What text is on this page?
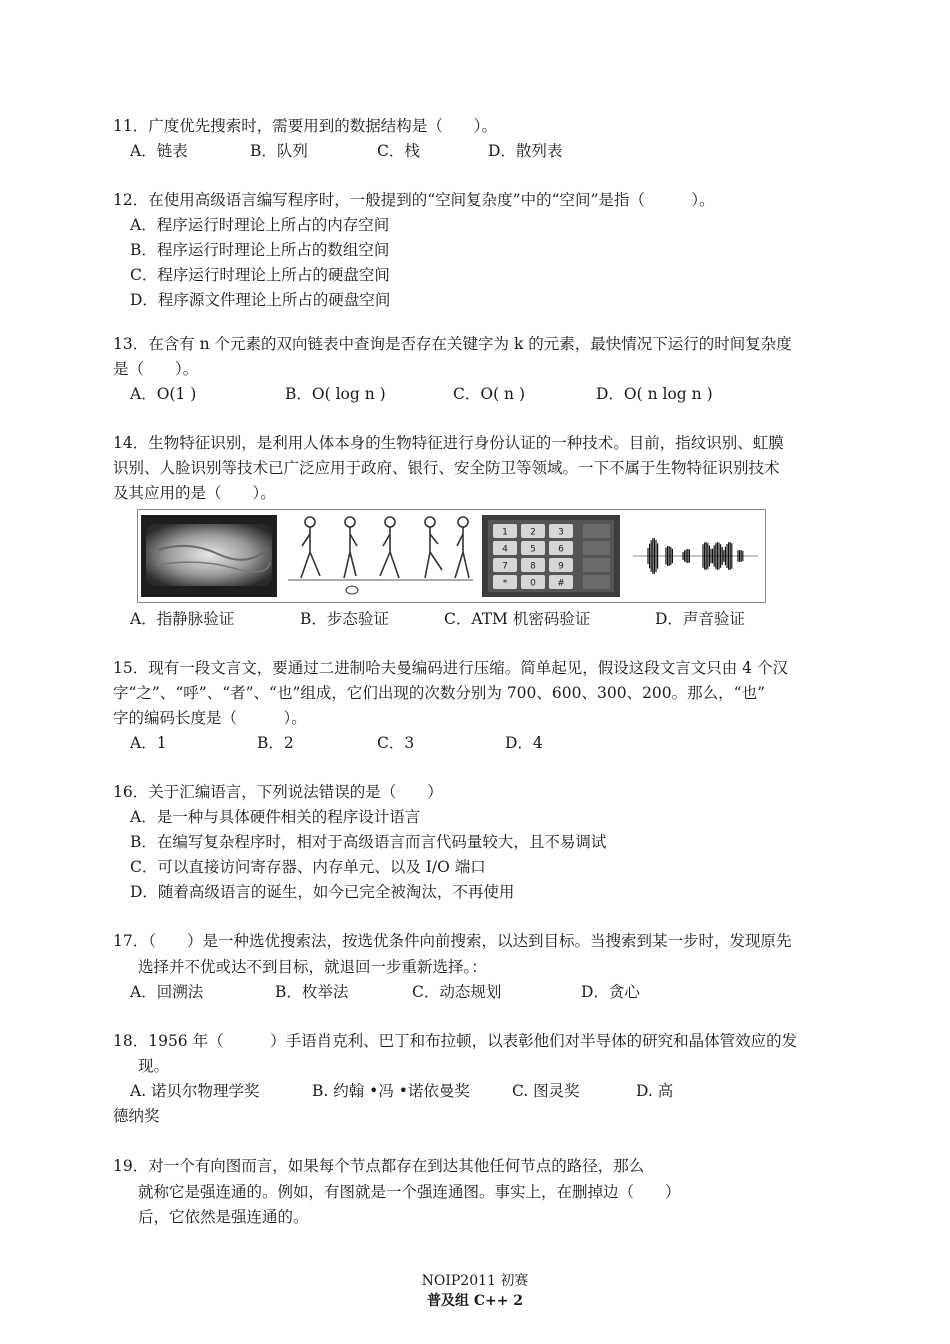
11．广度优先搜索时，需要用到的数据结构是（　　）。
A．链表	B．队列	C．栈	D．散列表
12．在使用高级语言编写程序时，一般提到的“空间复杂度”中的“空间”是指（　　　）。
A．程序运行时理论上所占的内存空间
B．程序运行时理论上所占的数组空间
C．程序运行时理论上所占的硬盘空间
D．程序源文件理论上所占的硬盘空间
13．在含有 n 个元素的双向链表中查询是否存在关键字为 k 的元素，最快情况下运行的时间复杂度
是（　　）。
A．O(1 )	B．O( log n )	C．O( n )	D．O( n log n )
14．生物特征识别，是利用人体本身的生物特征进行身份认证的一种技术。目前，指纹识别、虹膜
识别、人脸识别等技术已广泛应用于政府、银行、安全防卫等领域。一下不属于生物特征识别技术
及其应用的是（　　）。
1 2 3
4 5 6
7 8 9
*	0 #
A．指静脉验证	B．步态验证	C．ATM 机密码验证	D．声音验证
15．现有一段文言文，要通过二进制哈夫曼编码进行压缩。简单起见，假设这段文言文只由 4 个汉
字“之”、“呼”、“者”、“也”组成，它们出现的次数分别为 700、600、300、200。那么，“也”
字的编码长度是（　　　）。
A．1	B．2	C．3	D．4
16．关于汇编语言，下列说法错误的是（　　）
A．是一种与具体硬件相关的程序设计语言
B．在编写复杂程序时，相对于高级语言而言代码量较大，且不易调试
C．可以直接访问寄存器、内存单元、以及 I/O 端口
D．随着高级语言的诞生，如今已完全被淘汰，不再使用
17．（　　）是一种选优搜索法，按选优条件向前搜索，以达到目标。当搜索到某一步时，发现原先
选择并不优或达不到目标，就退回一步重新选择。：
A．回溯法	B．枚举法	C．动态规划	D．贪心
18．1956 年（　　　）手语肖克利、巴丁和布拉顿，以表彰他们对半导体的研究和晶体管效应的发
现。
A. 诺贝尔物理学奖	B. 约翰 •冯 •诺依曼奖	C. 图灵奖	D. 高
德纳奖
19．对一个有向图而言，如果每个节点都存在到达其他任何节点的路径，那么
就称它是强连通的。例如，有图就是一个强连通图。事实上，在删掉边（　　）
后，它依然是强连通的。
NOIP2011 初赛
普及组 C++ 2
